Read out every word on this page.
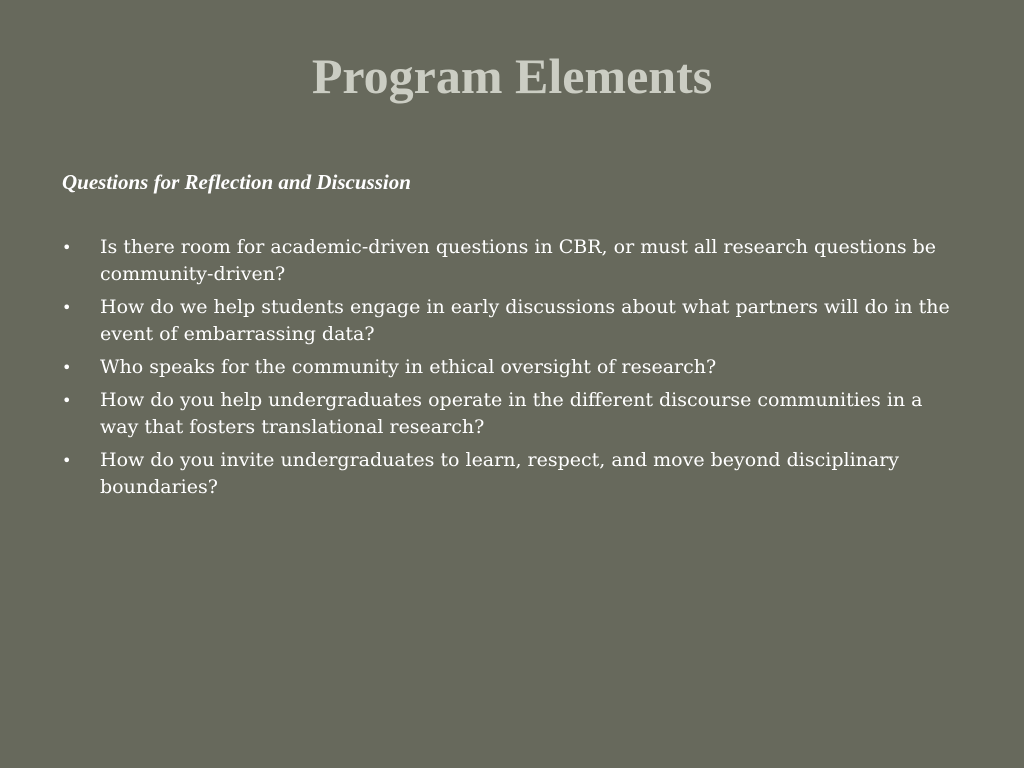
Program Elements

Questions for Reflection and Discussion

•	Is there room for academic-driven questions in CBR, or must all research questions be community-driven?
•	How do we help students engage in early discussions about what partners will do in the event of embarrassing data?
•	Who speaks for the community in ethical oversight of research?
•	How do you help undergraduates operate in the different discourse communities in a way that fosters translational research?
•	How do you invite undergraduates to learn, respect, and move beyond disciplinary boundaries?
